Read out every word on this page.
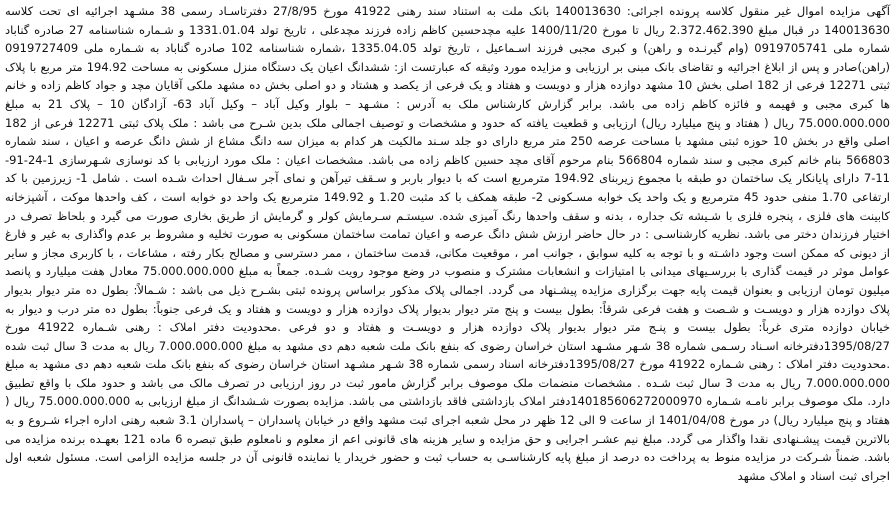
آگهی مزایده اموال غیر منقول کلاسه پرونده اجرائی: 140013630 بانک ملت به استناد سند رهنی 41922 مورخ 27/8/95 دفترتاسـاد رسمی 38 مشـهد اجرائیه ای تحت کلاسه 140013630 در قبال مبلغ 2.372.462.390 ریال تا مورخ 1400/11/20 علیه مچدحسین کاظم زاده فرزند مچدعلی ، تاریخ تولد 1331.01.04 و شـماره شناسنامه 27 صادره گناباد شماره ملی 0919705741 (وام گیرنـده و راهن) و کبری مجبی فرزند اسـماعیل ، تاریخ تولد 1335.04.05 ،شماره شناسنامه 102 صادره گناباد به شـماره ملی 0919727409 (راهن)صادر و پس از ابلاغ اجرائیه و تقاضای بانک مبنی بر ارزیابی و مزایده مورد وثیقه که عبارتست از: ششدانگ اعیان یک دستگاه منزل مسکونی به مساحت 194.92 متر مربع با پلاک ثبتی 12271 فرعی از 182 اصلی بخش 10 مشهد دوازده هزار و دویست و هفتاد و یک فرعی از یکصد و هشتاد و دو اصلی بخش ده مشهد ملکی آقایان مچد و جواد کاظم زاده و خانم ها کبری مجبی و فهیمه و فائزه کاظم زاده می باشد. برابر گزارش کارشناس ملک به آدرس : مشـهد – بلوار وکیل آباد – وکیل آباد 63- آزادگان 10 – پلاک 21 به مبلغ 75.000.000.000 ریال ( هفتاد و پنج میلیارد ریال) ارزیابی و قطعیت یافته که حدود و مشخصات و توصیف اجمالی ملک بدین شـرح می باشد : ملک پلاک ثبتی 12271 فرعی از 182 اصلی واقع در بخش 10 حوزه ثبتی مشهد با مساحت عرصه 250 متر مربع دارای دو جلد سـند مالکیت هر کدام به میزان سه دانگ مشاع از شش دانگ عرصه و اعیان ، سند شماره 566803 بنام خانم کبری مجبی و سند شماره 566804 بنام مرحوم آقای مچد حسین کاظم زاده می باشد. مشخصات اعیان : ملک مورد ارزیابی با کد نوسازی شـهرسازی 1-24-91-11-7 دارای پایانکار یک ساختمان دو طبقه با مجموع زیربنای 194.92 مترمربع است که با دیوار باربر و سـقف تیرآهن و نمای آجر سـفال احداث شـده است . شامل 1- زیرزمین با کد ارتفاعی 1.70 منفی حدود 45 مترمربع و یک واحد یک خوابه مسـکونی 2- طبقه همکف با کد مثبت 1.20 و 149.92 مترمربع یک واحد دو خوابه است ، کف واحدها موکت ، آشپزخانه کابینت های فلزی ، پنجره فلزی با شـیشه تک جداره ، بدنه و سقف واحدها رنگ آمیزی شده. سیستـم سـرمایش کولر و گرمایش از طریق بخاری صورت می گیرد و بلحاظ تصرف در اختیار فرزندان دختر می باشد. نظریه کارشناسـی : در حال حاضر ارزش شش دانگ عرصه و اعیان تمامت ساختمان مسکونی به صورت تخلیه و مشروط بر عدم واگذاری به غیر و فارغ از دیونی که ممکن است وجود داشـته و با توجه به کلیه سوابق ، جوانب امر ، موقعیت مکانی، قدمت ساختمان ، ممر دسترسی و مصالح بکار رفته ، مشاعات ، با کاربری مجاز و سایر عوامل موثر در قیمت گذاری با بررسـیهای میدانی با امتیازات و انشعابات مشترک و منصوب در وضع موجود رویت شـده. جمعاً به مبلغ 75.000.000.000 معادل هفت میلیارد و پانصد میلیون تومان ارزیابی و بعنوان قیمت پایه جهت برگزاری مزایده پیشـنهاد می گردد. اجمالی پلاک مذکور براساس پرونده ثبتی بشـرح ذیل می باشد : شـمالاً: بطول ده متر دیوار بدیوار پلاک دوازده هزار و دویسـت و شـصت و هفت فرعی شرقاً: بطول بیست و پنج متر دیوار بدیوار پلاک دوازده هزار و دویست و هفتاد و یک فرعی جنوباً: بطول ده متر درب و دیوار به خیابان دوازده متری غرباً: بطول بیست و پنـج متر دیوار بدیوار پلاک دوازده هزار و دویسـت و هفتاد و دو فرعی .محدودیت دفتر املاک : رهنی شـماره 41922 مورخ 1395/08/27دفترخانه اسـناد رسـمی شماره 38 شـهر مشـهد استان خراسان رضوی که بنفع بانک ملت شعبه دهم دی مشهد به مبلغ 7.000.000.000 ریال به مدت 3 سال ثبت شده .محدودیت دفتر املاک : رهنی شـماره 41922 مورخ 1395/08/27دفترخانه اسناد رسمی شماره 38 شـهر مشـهد استان خراسان رضوی که بنفع بانک ملت شعبه دهم دی مشهد به مبلغ 7.000.000.000 ریال به مدت 3 سال ثبت شـده . مشخصات منضمات ملک موصوف برابر گزارش مامور ثبت در روز ارزیابی در تصرف مالک می باشد و حدود ملک با واقع تطبیق دارد. ملک موصوف برابر نامـه شـماره 140185606272000970دفتر املاک بازداشتی فاقد بازداشتی می باشد. مزایده بصورت شـشدانگ از مبلغ ارزیابی به 75.000.000.000 ریال ( هفتاد و پنج میلیارد ریال) در مورخ 1401/04/08 از ساعت 9 الی 12 ظهر در محل شعبه اجرای ثبت مشهد واقع در خیابان پاسداران – پاسداران 3.1 شعبه رهنی اداره اجراء شـروع و به بالاترین قیمت پیشـنهادی نقدا واگذار می گردد. مبلغ نیم عشـر اجرایی و حق مزایده و سایر هزینه های قانونی اعم از معلوم و نامعلوم طبق تبصره 6 ماده 121 بعهـده برنده مزایده می باشد. ضمناً شـرکت در مزایده منوط به پرداخت ده درصد از مبلغ پایه کارشناسـی به حساب ثبت و حضور خریدار یا نماینده قانونی آن در جلسه مزایده الزامی است. مسئول شعبه اول اجرای ثبت اسناد و املاک مشهد
